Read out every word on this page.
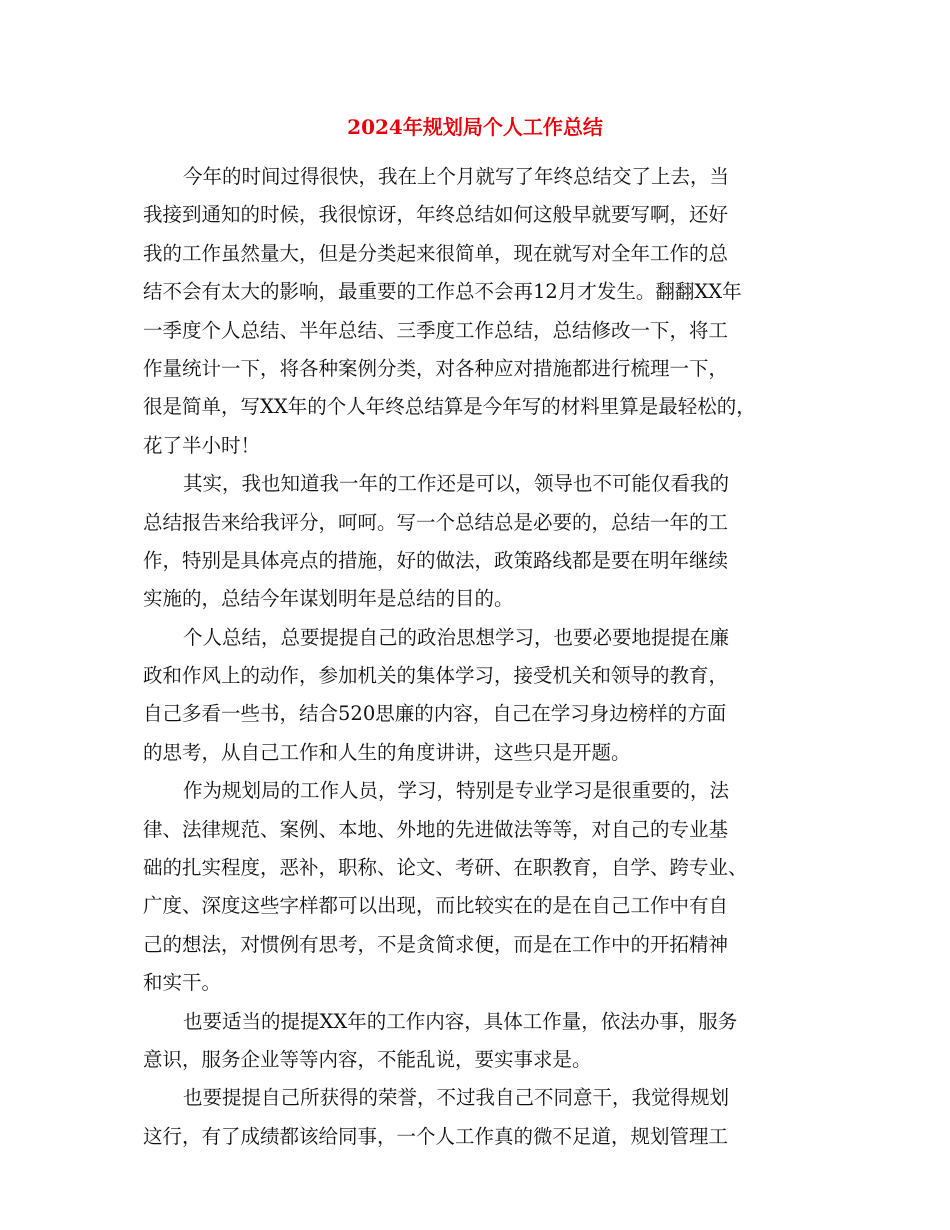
2024年规划局个人工作总结
今年的时间过得很快，我在上个月就写了年终总结交了上去，当
我接到通知的时候，我很惊讶，年终总结如何这般早就要写啊，还好
我的工作虽然量大，但是分类起来很简单，现在就写对全年工作的总
结不会有太大的影响，最重要的工作总不会再12月才发生。翻翻XX年
一季度个人总结、半年总结、三季度工作总结，总结修改一下，将工
作量统计一下，将各种案例分类，对各种应对措施都进行梳理一下，
很是简单，写XX年的个人年终总结算是今年写的材料里算是最轻松的，
花了半小时！
其实，我也知道我一年的工作还是可以，领导也不可能仅看我的
总结报告来给我评分，呵呵。写一个总结总是必要的，总结一年的工
作，特别是具体亮点的措施，好的做法，政策路线都是要在明年继续
实施的，总结今年谋划明年是总结的目的。
个人总结，总要提提自己的政治思想学习，也要必要地提提在廉
政和作风上的动作，参加机关的集体学习，接受机关和领导的教育，
自己多看一些书，结合520思廉的内容，自己在学习身边榜样的方面
的思考，从自己工作和人生的角度讲讲，这些只是开题。
作为规划局的工作人员，学习，特别是专业学习是很重要的，法
律、法律规范、案例、本地、外地的先进做法等等，对自己的专业基
础的扎实程度，恶补，职称、论文、考研、在职教育，自学、跨专业、
广度、深度这些字样都可以出现，而比较实在的是在自己工作中有自
己的想法，对惯例有思考，不是贪简求便，而是在工作中的开拓精神
和实干。
也要适当的提提XX年的工作内容，具体工作量，依法办事，服务
意识，服务企业等等内容，不能乱说，要实事求是。
也要提提自己所获得的荣誉，不过我自己不同意干，我觉得规划
这行，有了成绩都该给同事，一个人工作真的微不足道，规划管理工
